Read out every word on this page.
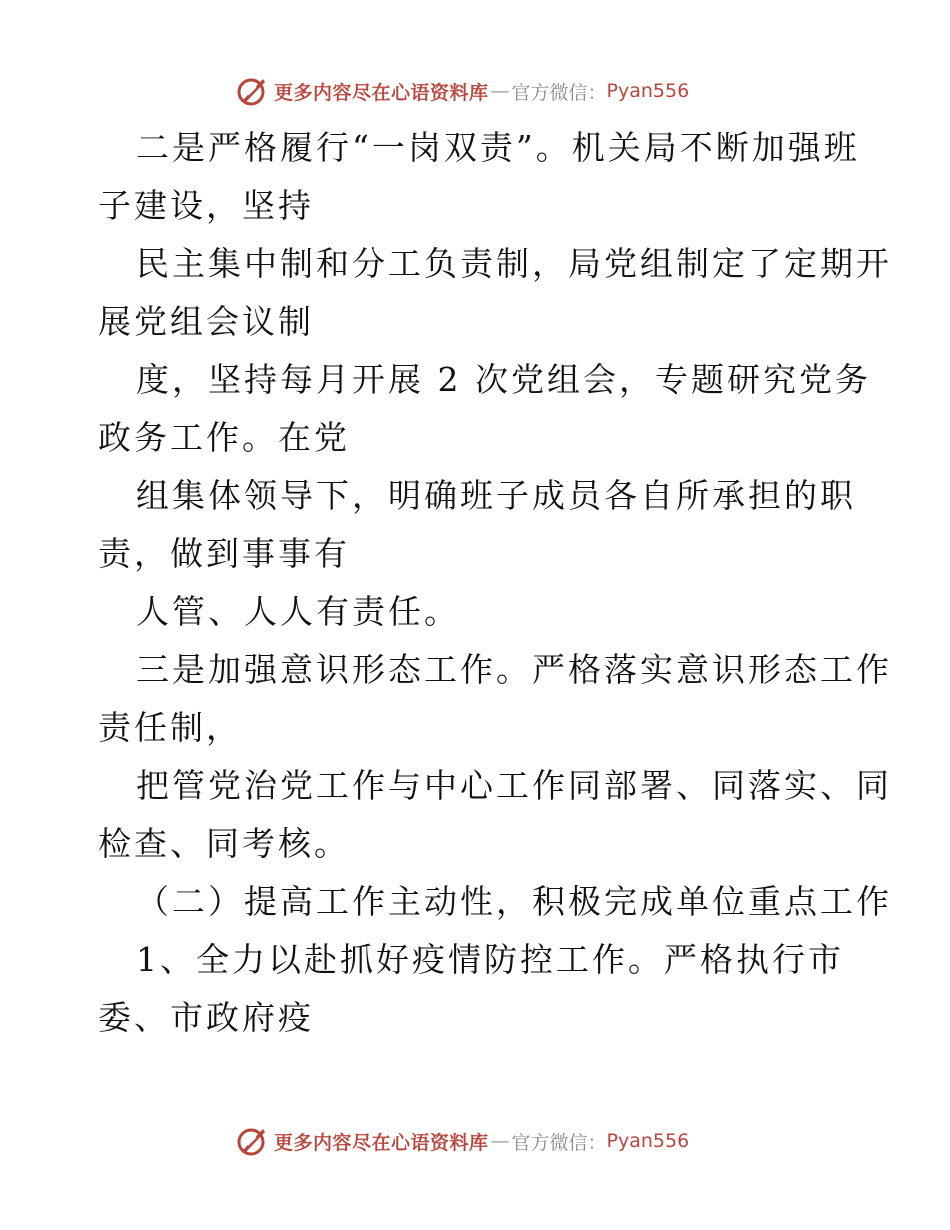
更多内容尽在心语资料库 — 官方微信： Pyan556
二是严格履行“一岗双责”。机关局不断加强班
子建设，坚持
民主集中制和分工负责制，局党组制定了定期开
展党组会议制
度，坚持每月开展 2 次党组会，专题研究党务
政务工作。在党
组集体领导下，明确班子成员各自所承担的职
责，做到事事有
人管、人人有责任。
三是加强意识形态工作。严格落实意识形态工作
责任制，
把管党治党工作与中心工作同部署、同落实、同
检查、同考核。
（二）提高工作主动性，积极完成单位重点工作
1、全力以赴抓好疫情防控工作。严格执行市
委、市政府疫
更多内容尽在心语资料库 — 官方微信： Pyan556
